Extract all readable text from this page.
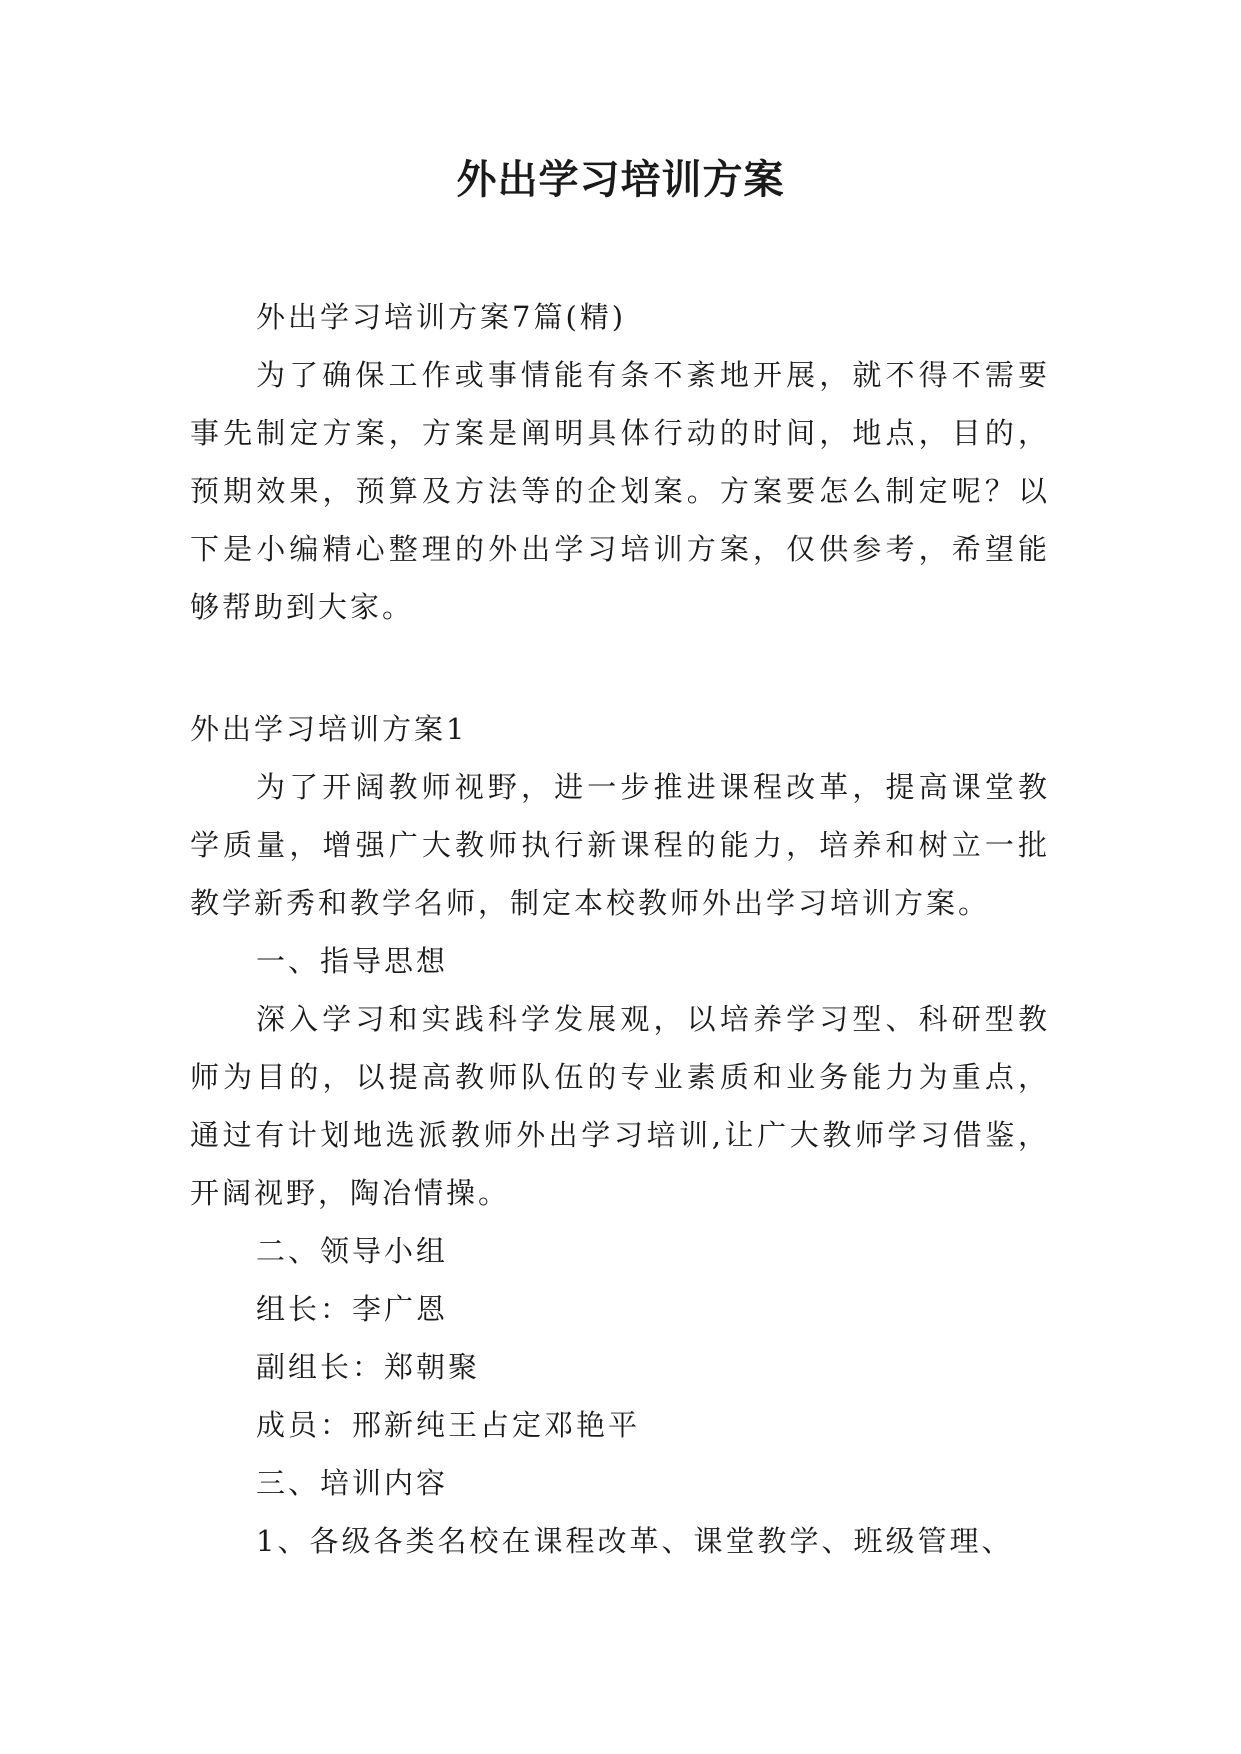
外出学习培训方案

外出学习培训方案7篇(精)

为了确保工作或事情能有条不紊地开展，就不得不需要事先制定方案，方案是阐明具体行动的时间，地点，目的，预期效果，预算及方法等的企划案。方案要怎么制定呢？以下是小编精心整理的外出学习培训方案，仅供参考，希望能够帮助到大家。

外出学习培训方案1

为了开阔教师视野，进一步推进课程改革，提高课堂教学质量，增强广大教师执行新课程的能力，培养和树立一批教学新秀和教学名师，制定本校教师外出学习培训方案。

一、指导思想

深入学习和实践科学发展观，以培养学习型、科研型教师为目的，以提高教师队伍的专业素质和业务能力为重点，通过有计划地选派教师外出学习培训,让广大教师学习借鉴，开阔视野，陶冶情操。

二、领导小组

组长：李广恩

副组长：郑朝聚

成员：邢新纯王占定邓艳平

三、培训内容

1、各级各类名校在课程改革、课堂教学、班级管理、
